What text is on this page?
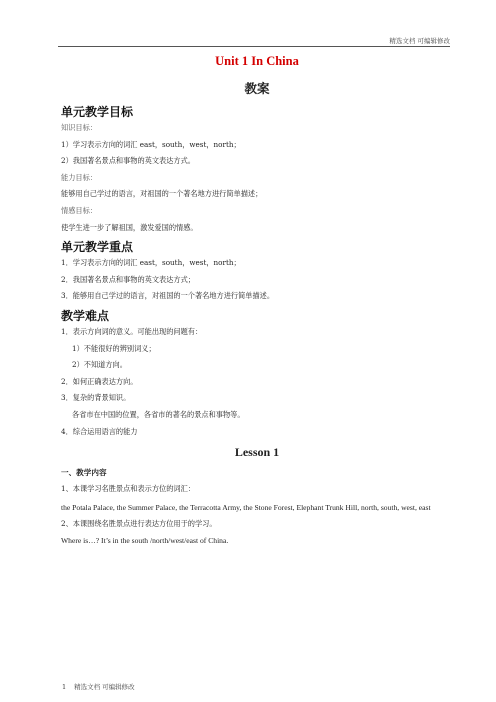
精选文档 可编辑修改
Unit 1 In China
教案
单元教学目标
知识目标：
1）学习表示方向的词汇 east，south，west，north；
2）我国著名景点和事物的英文表达方式。
能力目标：
能够用自己学过的语言，对祖国的一个著名地方进行简单描述；
情感目标：
使学生进一步了解祖国，激发爱国的情感。
单元教学重点
1．学习表示方向的词汇 east，south，west，north；
2．我国著名景点和事物的英文表达方式；
3．能够用自己学过的语言，对祖国的一个著名地方进行简单描述。
教学难点
1．表示方向词的意义。可能出现的问题有：
1）不能很好的辨别词义；
2）不知道方向。
2．如何正确表达方向。
3．复杂的背景知识。
各省市在中国的位置，各省市的著名的景点和事物等。
4．综合运用语言的能力
Lesson 1
一、教学内容
1、本课学习名胜景点和表示方位的词汇：
the Potala Palace, the Summer Palace, the Terracotta Army, the Stone Forest, Elephant Trunk Hill, north, south, west, east
2、本课围绕名胜景点进行表达方位用于的学习。
Where is…? It’s in the south /north/west/east of China.
1 精选文档 可编辑修改
